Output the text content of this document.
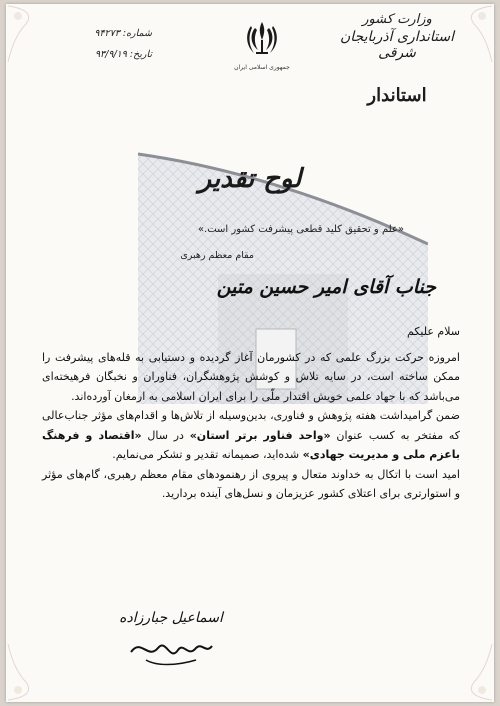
وزارت کشور
استانداری آذربایجان شرقی
استاندار
جمهوری اسلامی ایران
شماره: ۹۴۲۷۳
تاریخ: ۹۳/۹/۱۹
لوح تقدیر
«علم و تحقیق کلید قطعی پیشرفت کشور است.»
مقام معظم رهبری
جناب آقای امیر حسین متین

سلام علیکم

امروزه حرکت بزرگ علمی که در کشورمان آغاز گردیده و دستیابی به قله‌های پیشرفت را ممکن ساخته است، در سایه تلاش و کوشش پژوهشگران، فناوران و نخبگان فرهیخته‌ای می‌باشد که با جهاد علمی خویش اقتدار ملّی را برای ایران اسلامی به ارمغان آورده‌اند.

ضمن گرامیداشت هفته پژوهش و فناوری، بدین‌وسیله از تلاش‌ها و اقدام‌های مؤثر جناب‌عالی که مفتخر به کسب عنوان «واحد فناور برتر استان» در سال «اقتصاد و فرهنگ باعزم ملی و مدیریت جهادی» شده‌اید، صمیمانه تقدیر و تشکر می‌نمایم.

امید است با اتکال به خداوند متعال و پیروی از رهنمودهای مقام معظم رهبری، گام‌های مؤثر و استوارتری برای اعتلای کشور عزیزمان و نسل‌های آینده بردارید.

اسماعیل جبارزاده
